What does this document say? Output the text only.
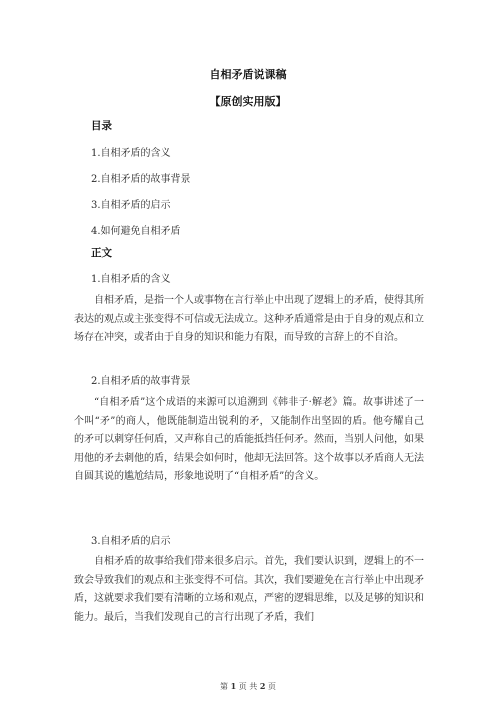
自相矛盾说课稿
【原创实用版】
目录
1.自相矛盾的含义
2.自相矛盾的故事背景
3.自相矛盾的启示
4.如何避免自相矛盾
正文
1.自相矛盾的含义
自相矛盾，是指一个人或事物在言行举止中出现了逻辑上的矛盾，使得其所表达的观点或主张变得不可信或无法成立。这种矛盾通常是由于自身的观点和立场存在冲突，或者由于自身的知识和能力有限，而导致的言辞上的不自洽。
2.自相矛盾的故事背景
“自相矛盾”这个成语的来源可以追溯到《韩非子·解老》篇。故事讲述了一个叫“矛”的商人，他既能制造出锐利的矛，又能制作出坚固的盾。他夸耀自己的矛可以刺穿任何盾，又声称自己的盾能抵挡任何矛。然而，当别人问他，如果用他的矛去刺他的盾，结果会如何时，他却无法回答。这个故事以矛盾商人无法自圆其说的尴尬结局，形象地说明了“自相矛盾”的含义。
3.自相矛盾的启示
自相矛盾的故事给我们带来很多启示。首先，我们要认识到，逻辑上的不一致会导致我们的观点和主张变得不可信。其次，我们要避免在言行举止中出现矛盾，这就要求我们要有清晰的立场和观点，严密的逻辑思维，以及足够的知识和能力。最后，当我们发现自己的言行出现了矛盾，我们
第 1 页 共 2 页
